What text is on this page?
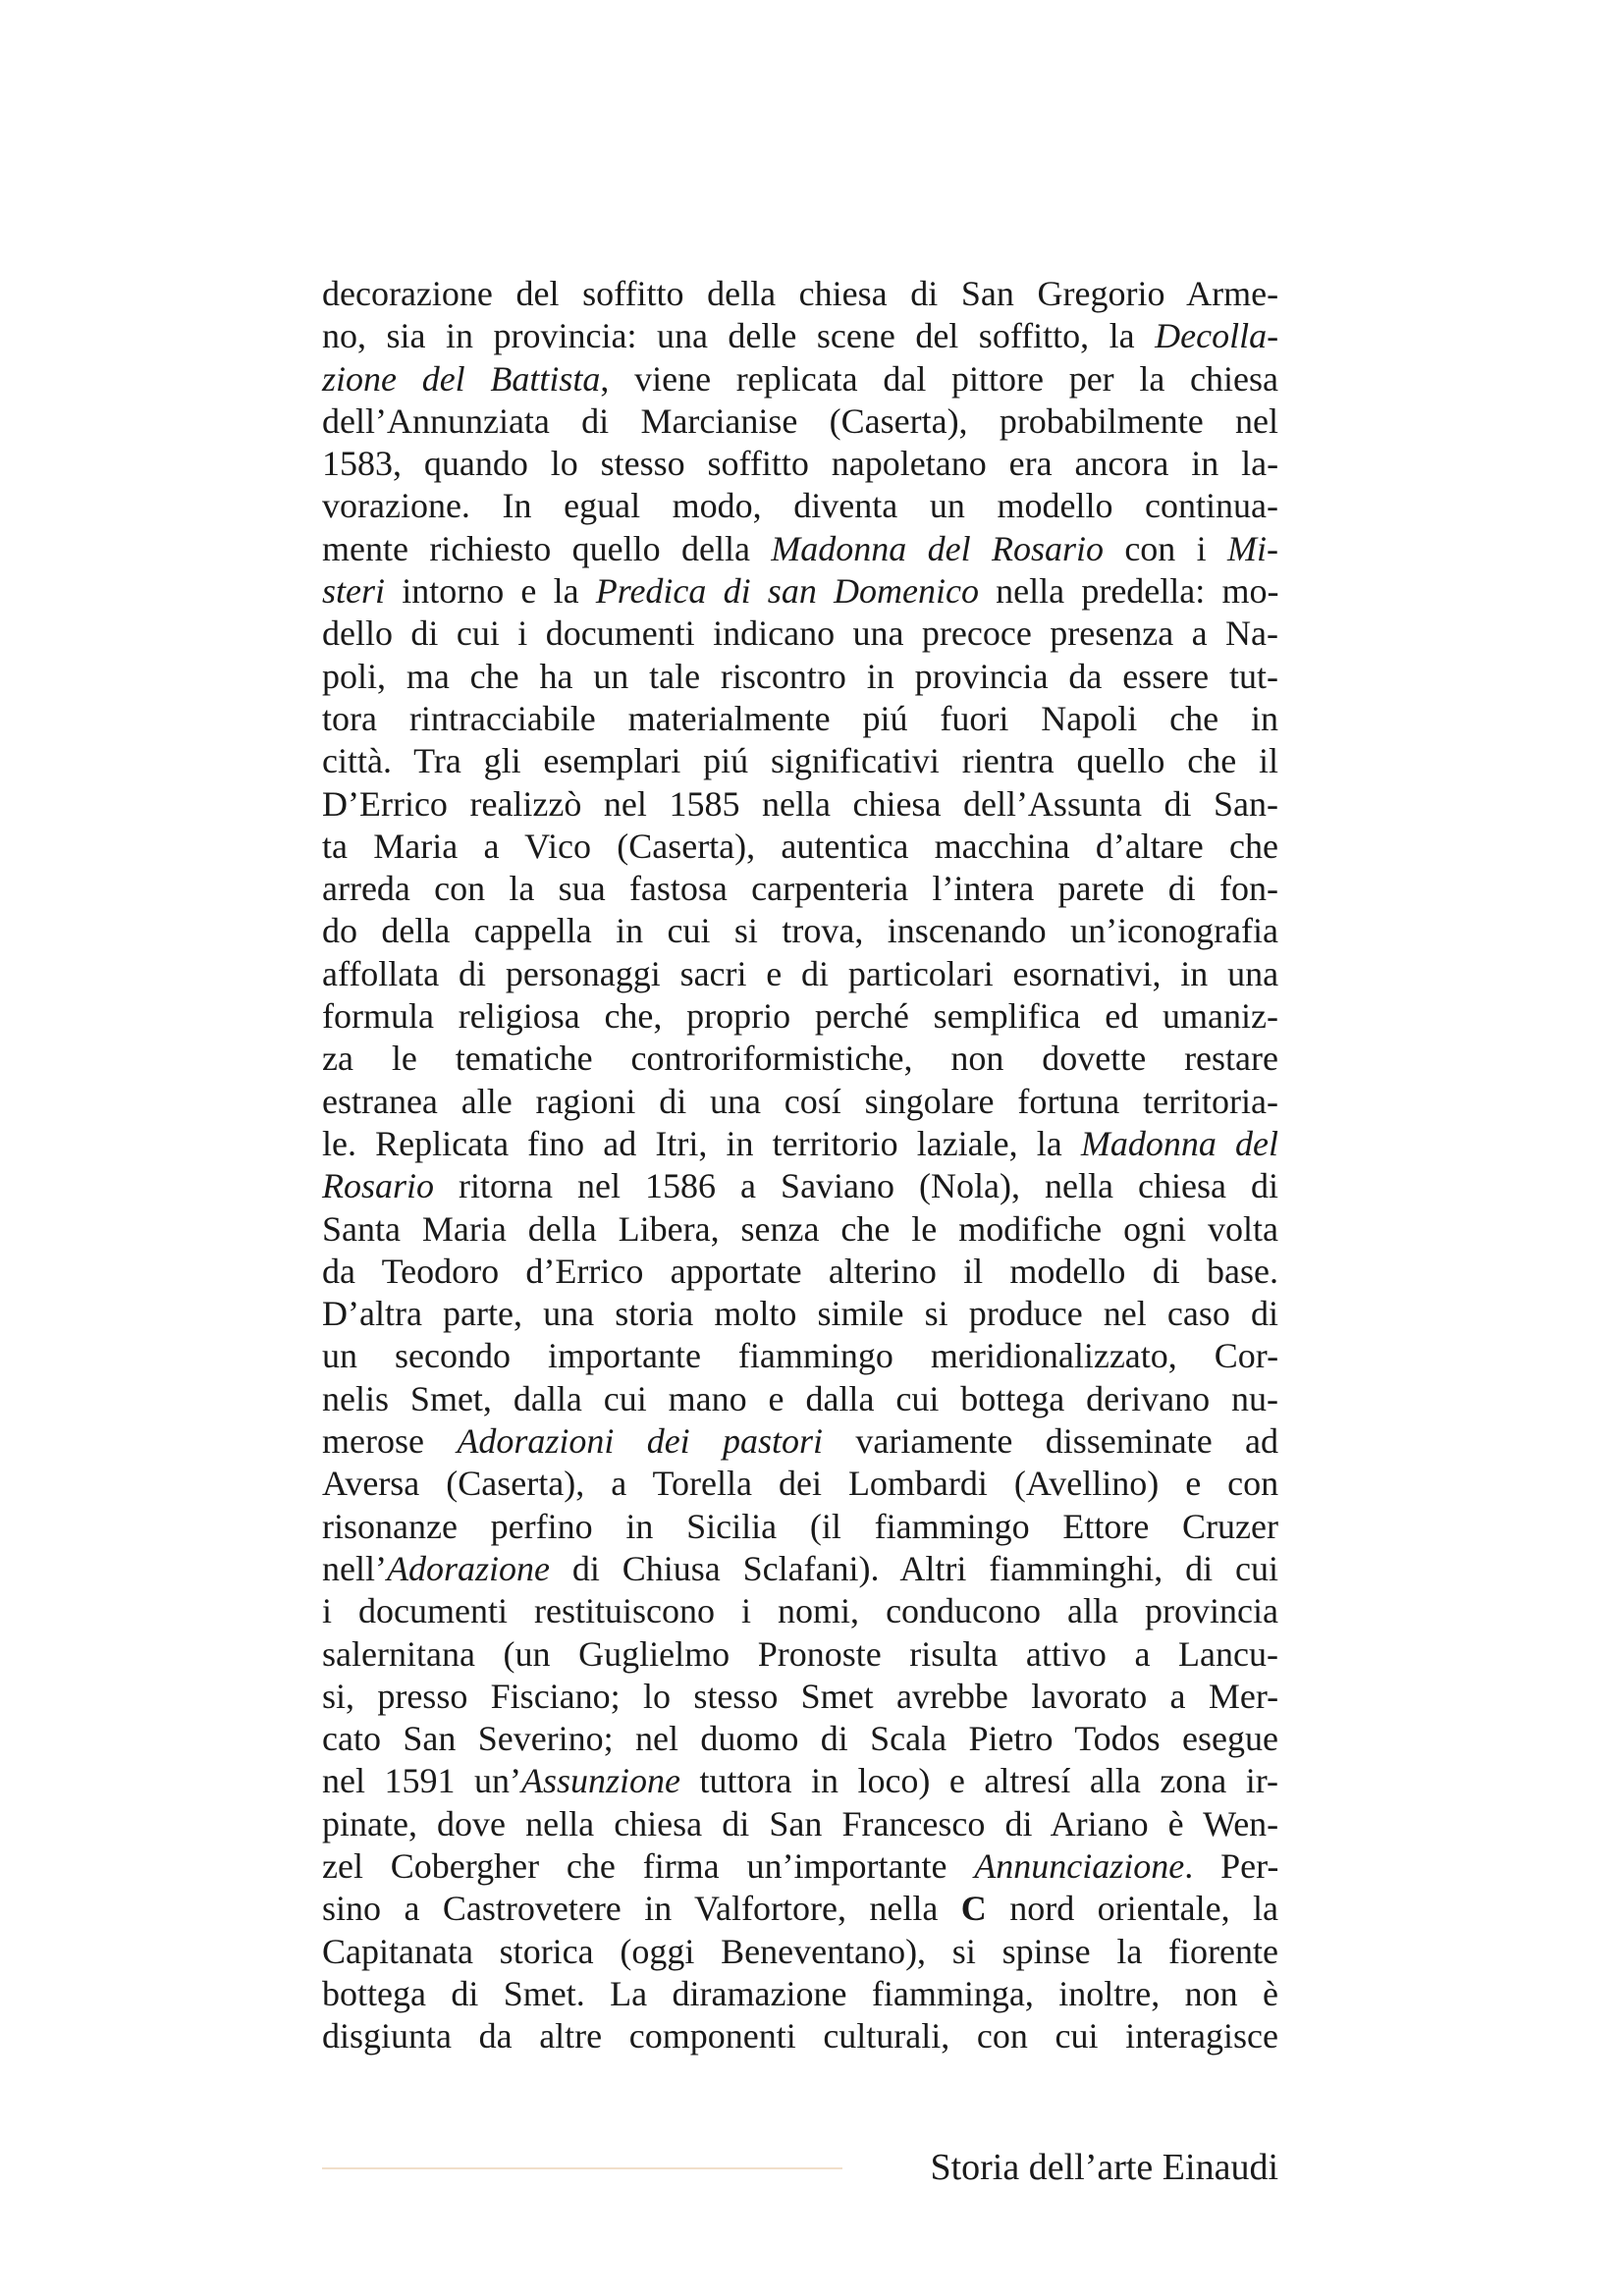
decorazione del soffitto della chiesa di San Gregorio Arme-
no, sia in provincia: una delle scene del soffitto, la Decolla-
zione del Battista, viene replicata dal pittore per la chiesa
dell’Annunziata di Marcianise (Caserta), probabilmente nel
1583, quando lo stesso soffitto napoletano era ancora in la-
vorazione. In egual modo, diventa un modello continua-
mente richiesto quello della Madonna del Rosario con i Mi-
steri intorno e la Predica di san Domenico nella predella: mo-
dello di cui i documenti indicano una precoce presenza a Na-
poli, ma che ha un tale riscontro in provincia da essere tut-
tora rintracciabile materialmente piú fuori Napoli che in
città. Tra gli esemplari piú significativi rientra quello che il
D’Errico realizzò nel 1585 nella chiesa dell’Assunta di San-
ta Maria a Vico (Caserta), autentica macchina d’altare che
arreda con la sua fastosa carpenteria l’intera parete di fon-
do della cappella in cui si trova, inscenando un’iconografia
affollata di personaggi sacri e di particolari esornativi, in una
formula religiosa che, proprio perché semplifica ed umaniz-
za le tematiche controriformistiche, non dovette restare
estranea alle ragioni di una cosí singolare fortuna territoria-
le. Replicata fino ad Itri, in territorio laziale, la Madonna del
Rosario ritorna nel 1586 a Saviano (Nola), nella chiesa di
Santa Maria della Libera, senza che le modifiche ogni volta
da Teodoro d’Errico apportate alterino il modello di base.
D’altra parte, una storia molto simile si produce nel caso di
un secondo importante fiammingo meridionalizzato, Cor-
nelis Smet, dalla cui mano e dalla cui bottega derivano nu-
merose Adorazioni dei pastori variamente disseminate ad
Aversa (Caserta), a Torella dei Lombardi (Avellino) e con
risonanze perfino in Sicilia (il fiammingo Ettore Cruzer
nell’Adorazione di Chiusa Sclafani). Altri fiamminghi, di cui
i documenti restituiscono i nomi, conducono alla provincia
salernitana (un Guglielmo Pronoste risulta attivo a Lancu-
si, presso Fisciano; lo stesso Smet avrebbe lavorato a Mer-
cato San Severino; nel duomo di Scala Pietro Todos esegue
nel 1591 un’Assunzione tuttora in loco) e altresí alla zona ir-
pinate, dove nella chiesa di San Francesco di Ariano è Wen-
zel Cobergher che firma un’importante Annunciazione. Per-
sino a Castrovetere in Valfortore, nella C nord orientale, la
Capitanata storica (oggi Beneventano), si spinse la fiorente
bottega di Smet. La diramazione fiamminga, inoltre, non è
disgiunta da altre componenti culturali, con cui interagisce
Storia dell’arte Einaudi
